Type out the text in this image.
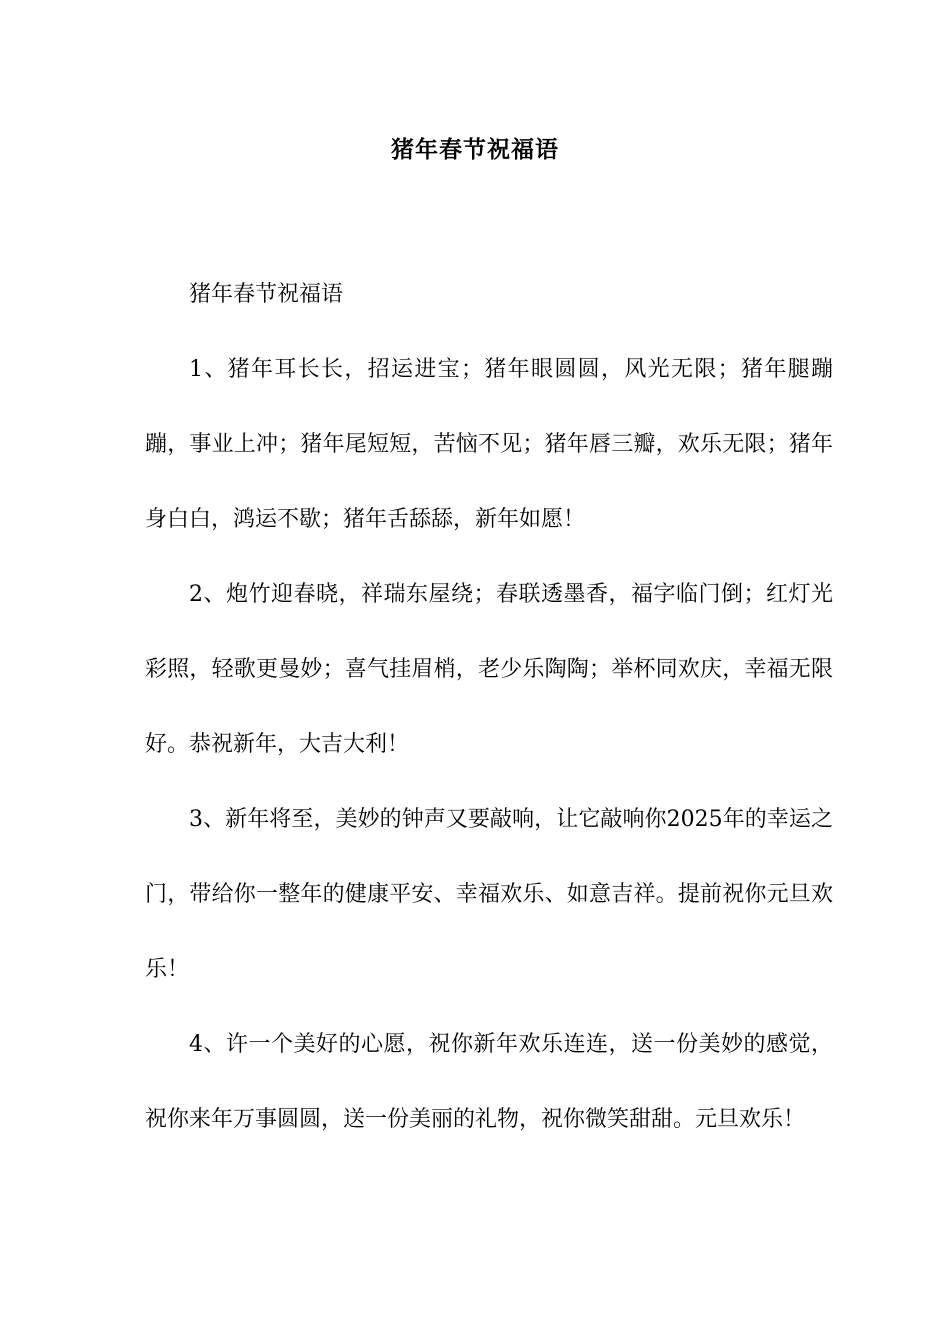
猪年春节祝福语

猪年春节祝福语

1、猪年耳长长，招运进宝；猪年眼圆圆，风光无限；猪年腿蹦蹦，事业上冲；猪年尾短短，苦恼不见；猪年唇三瓣，欢乐无限；猪年身白白，鸿运不歇；猪年舌舔舔，新年如愿！

2、炮竹迎春晓，祥瑞东屋绕；春联透墨香，福字临门倒；红灯光彩照，轻歌更曼妙；喜气挂眉梢，老少乐陶陶；举杯同欢庆，幸福无限好。恭祝新年，大吉大利！

3、新年将至，美妙的钟声又要敲响，让它敲响你2025年的幸运之门，带给你一整年的健康平安、幸福欢乐、如意吉祥。提前祝你元旦欢乐！

4、许一个美好的心愿，祝你新年欢乐连连，送一份美妙的感觉，祝你来年万事圆圆，送一份美丽的礼物，祝你微笑甜甜。元旦欢乐！
